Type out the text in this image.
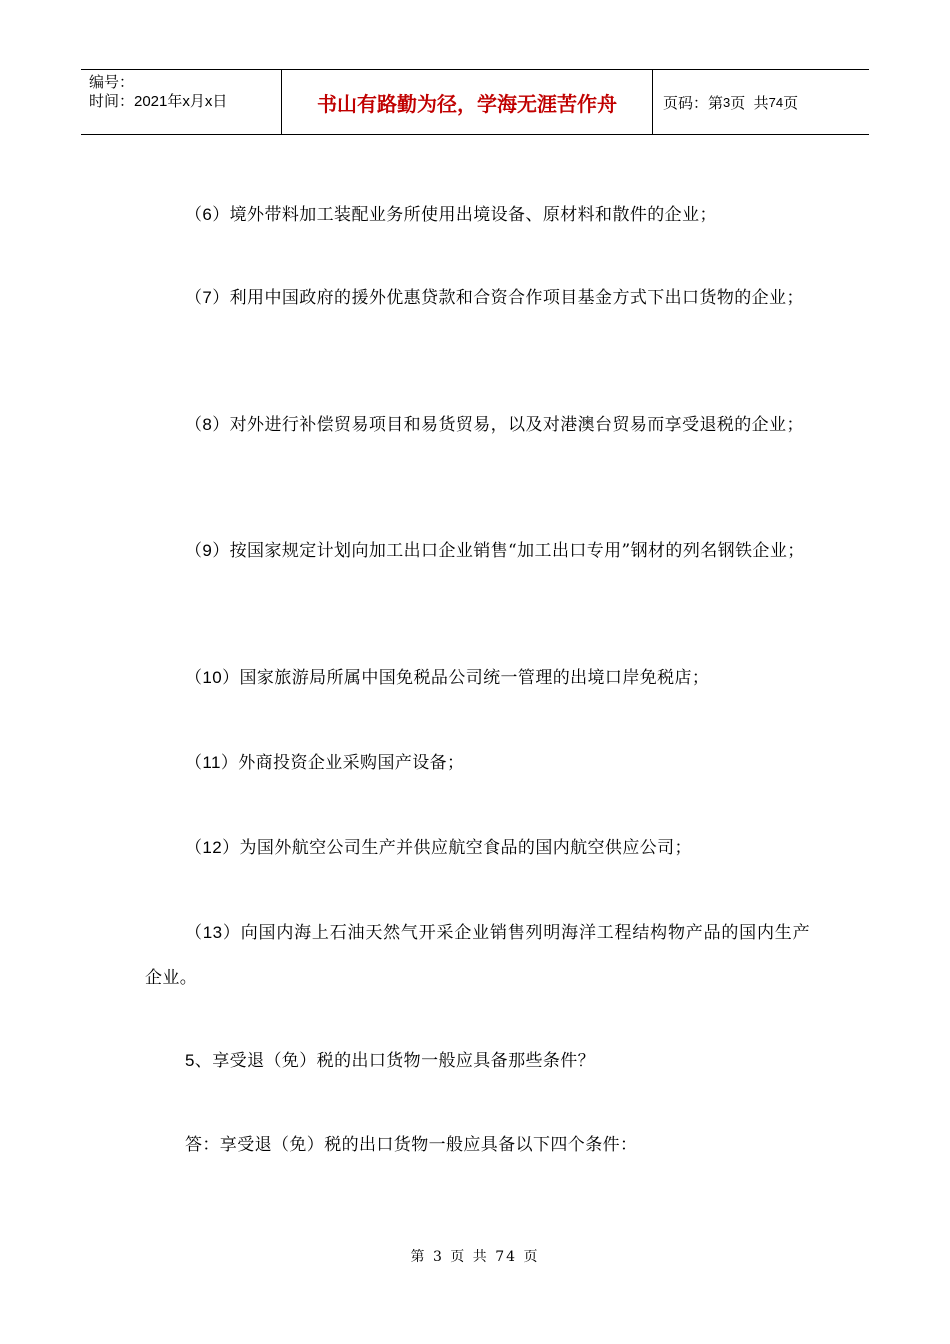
编号：
时间：2021年x月x日	书山有路勤为径，学海无涯苦作舟	页码：第 3 页  共 74 页

（6）境外带料加工装配业务所使用出境设备、原材料和散件的企业；

（7）利用中国政府的援外优惠贷款和合资合作项目基金方式下出口货物的企业；

（8）对外进行补偿贸易项目和易货贸易，以及对港澳台贸易而享受退税的企业；

（9）按国家规定计划向加工出口企业销售“加工出口专用”钢材的列名钢铁企业；

（10）国家旅游局所属中国免税品公司统一管理的出境口岸免税店；

（11）外商投资企业采购国产设备；

（12）为国外航空公司生产并供应航空食品的国内航空供应公司；

（13）向国内海上石油天然气开采企业销售列明海洋工程结构物产品的国内生产企业。

5、享受退（免）税的出口货物一般应具备那些条件？

答：享受退（免）税的出口货物一般应具备以下四个条件：

第 3 页 共 74 页
